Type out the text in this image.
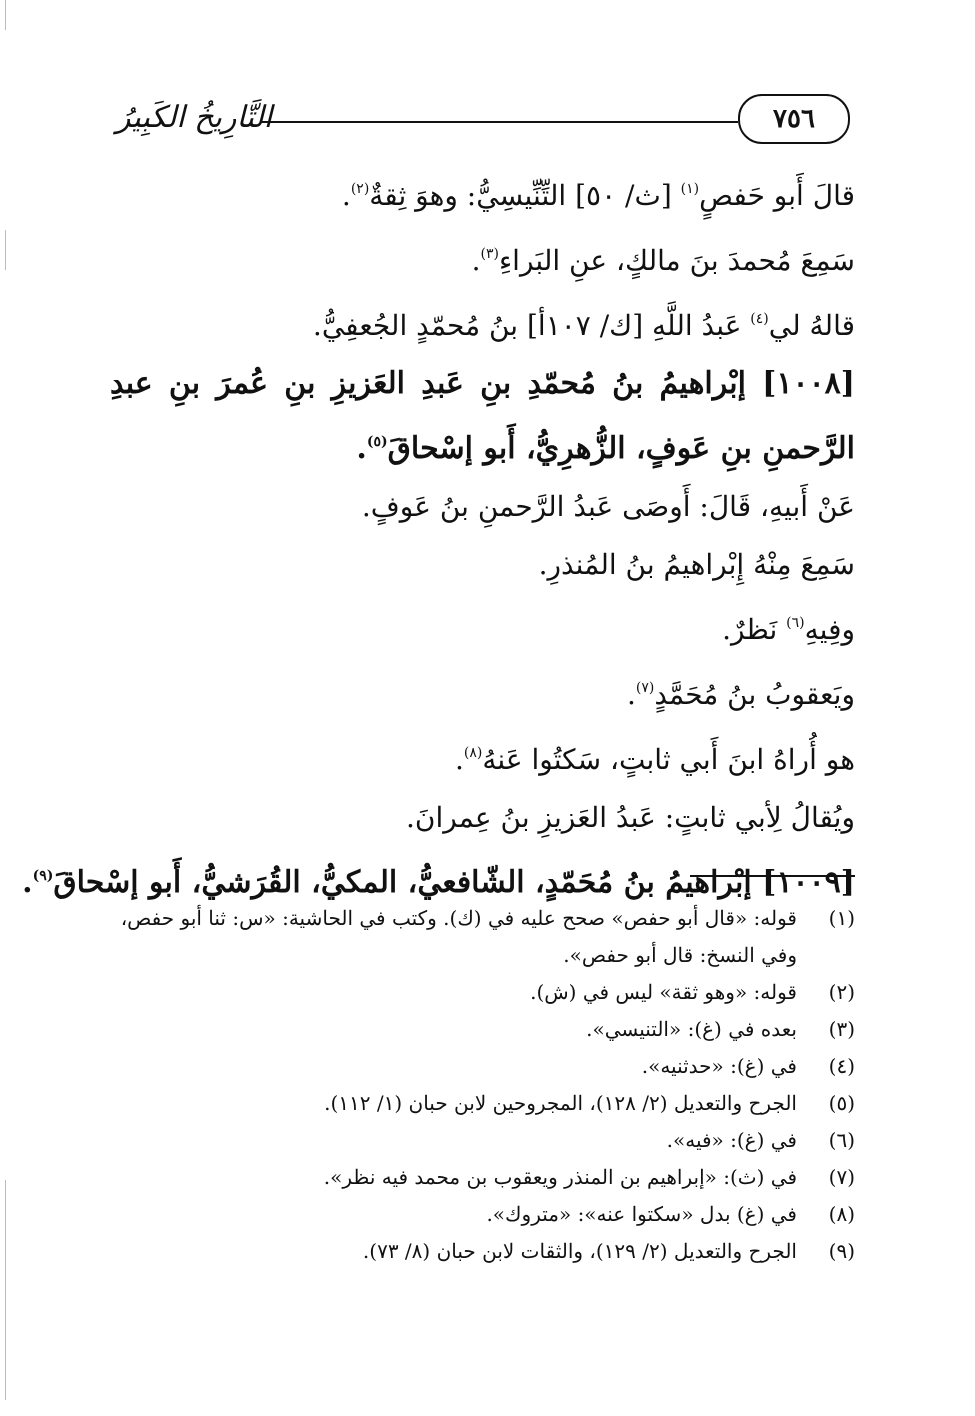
التَّارِيخُ الكَبِيرُ	٧٥٦

قالَ أَبو حَفصٍ$^{(١)}$ [ث/ ٥٠] التِّنِّيسِيُّ: وهوَ ثِقةٌ$^{(٢)}$.

سَمِعَ مُحمدَ بنَ مالكٍ، عنِ البَراءِ$^{(٣)}$.

قالهُ لي$^{(٤)}$ عَبدُ اللَّهِ [ك/ ١٠٧أ] بنُ مُحمّدٍ الجُعفِيُّ.

[١٠٠٨] إبْراهيمُ بنُ مُحمّدِ بنِ عَبدِ العَزيزِ بنِ عُمرَ بنِ عبدِ الرَّحمنِ بنِ عَوفٍ، الزُّهرِيُّ، أَبو إسْحاقَ$^{(٥)}$.

عَنْ أَبيهِ، قَالَ: أَوصَى عَبدُ الرَّحمنِ بنُ عَوفٍ.

سَمِعَ مِنْهُ إِبْراهيمُ بنُ المُنذرِ.

وفِيهِ$^{(٦)}$ نَظرٌ.

ويَعقوبُ بنُ مُحَمَّدٍ$^{(٧)}$.

هو أُراهُ ابنَ أَبي ثابتٍ، سَكتُوا عَنهُ$^{(٨)}$.

ويُقالُ لِأبي ثابتٍ: عَبدُ العَزيزِ بنُ عِمرانَ.

[١٠٠٩] إبْراهيمُ بنُ مُحَمّدٍ، الشّافعيُّ، المكيُّ، القُرَشيُّ، أَبو إسْحاقَ$^{(٩)}$.

(١)
قوله: «قال أبو حفص» صحح عليه في (ك). وكتب في الحاشية: «س: ثنا أبو حفص، وفي النسخ: قال أبو حفص».
(٢)
قوله: «وهو ثقة» ليس في (ش).
(٣)
بعده في (غ): «التنيسي».
(٤)
في (غ): «حدثنيه».
(٥)
الجرح والتعديل (٢/ ١٢٨)، المجروحين لابن حبان (١/ ١١٢).
(٦)
في (غ): «فيه».
(٧)
في (ث): «إبراهيم بن المنذر ويعقوب بن محمد فيه نظر».
(٨)
في (غ) بدل «سكتوا عنه»: «متروك».
(٩)
الجرح والتعديل (٢/ ١٢٩)، والثقات لابن حبان (٨/ ٧٣).
